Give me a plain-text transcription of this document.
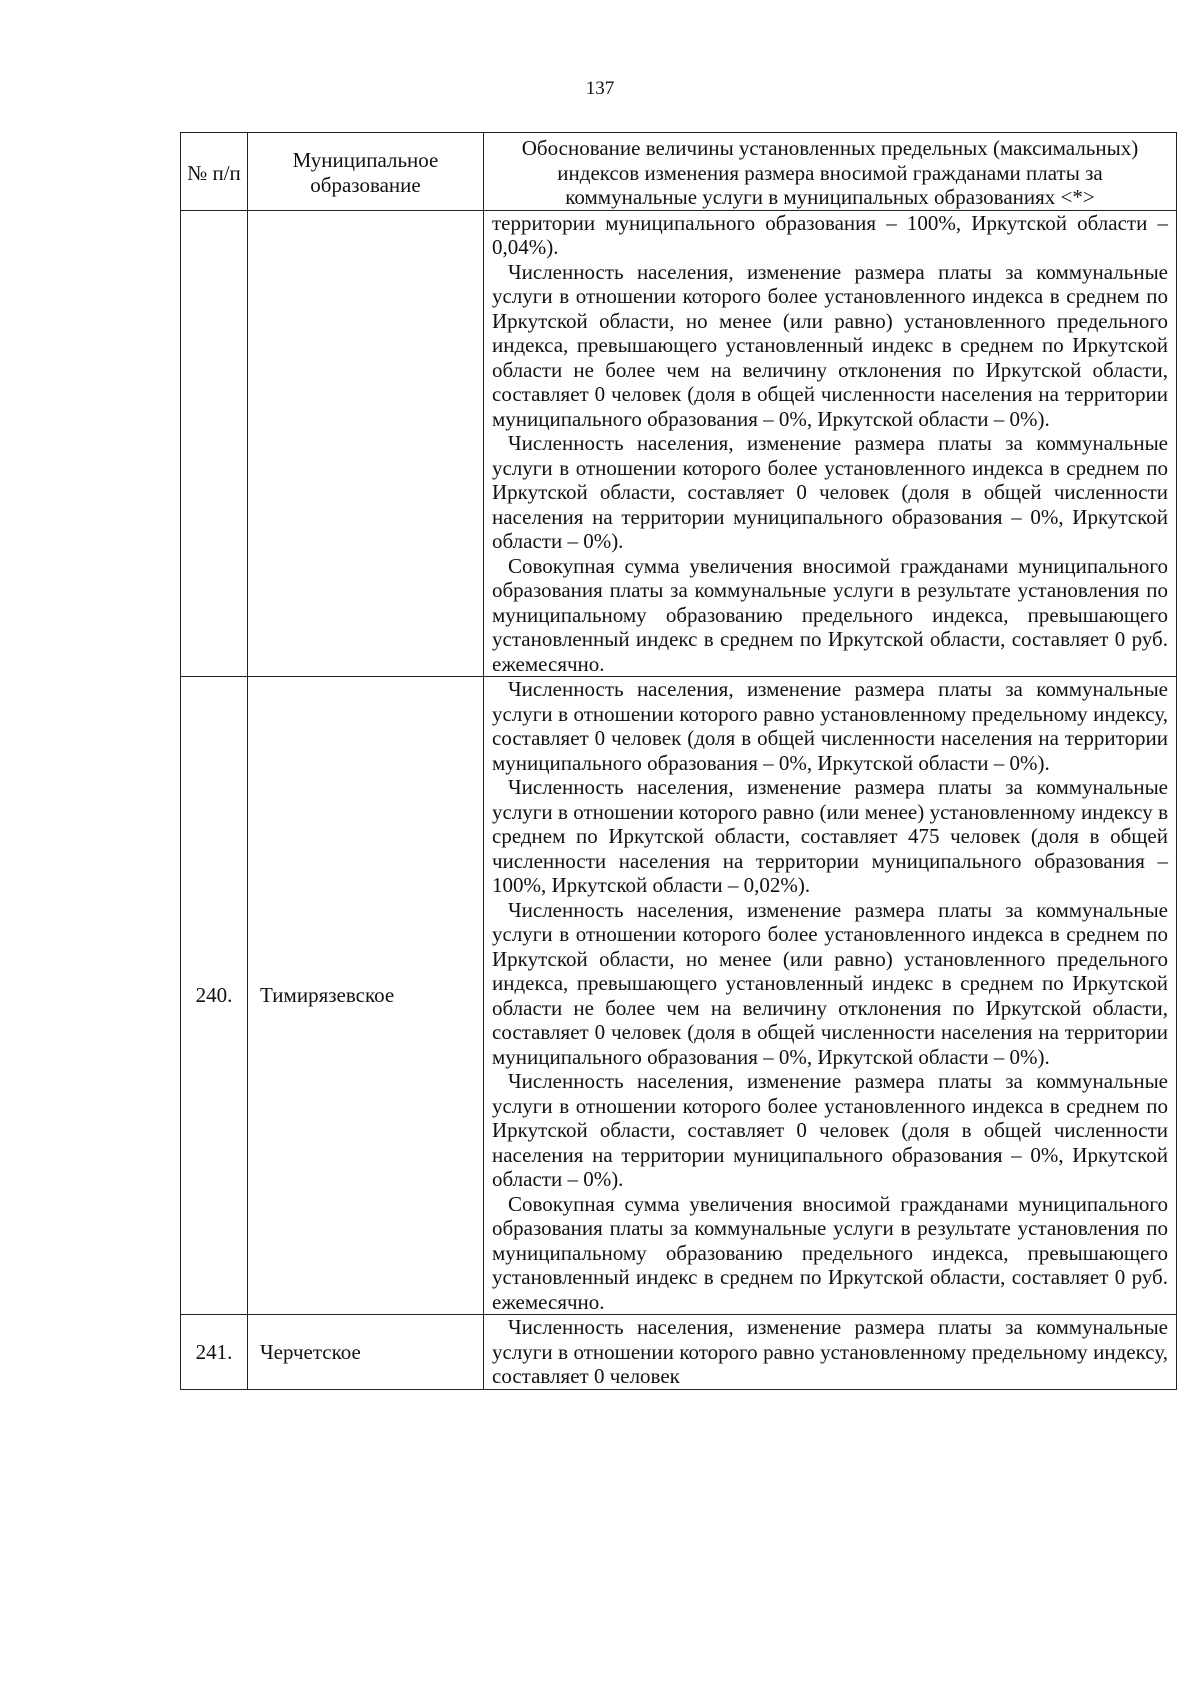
137
№ п/п	Муниципальное образование	Обоснование величины установленных предельных (максимальных) индексов изменения размера вносимой гражданами платы за коммунальные услуги в муниципальных образованиях <*>

		территории муниципального образования – 100%, Иркутской области – 0,04%).

Численность населения, изменение размера платы за коммунальные услуги в отношении которого более установленного индекса в среднем по Иркутской области, но менее (или равно) установленного предельного индекса, превышающего установленный индекс в среднем по Иркутской области не более чем на величину отклонения по Иркутской области, составляет 0 человек (доля в общей численности населения на территории муниципального образования – 0%, Иркутской области – 0%).

Численность населения, изменение размера платы за коммунальные услуги в отношении которого более установленного индекса в среднем по Иркутской области, составляет 0 человек (доля в общей численности населения на территории муниципального образования – 0%, Иркутской области – 0%).

Совокупная сумма увеличения вносимой гражданами муниципального образования платы за коммунальные услуги в результате установления по муниципальному образованию предельного индекса, превышающего установленный индекс в среднем по Иркутской области, составляет 0 руб. ежемесячно.

240.	Тимирязевское	Численность населения, изменение размера платы за коммунальные услуги в отношении которого равно установленному предельному индексу, составляет 0 человек (доля в общей численности населения на территории муниципального образования – 0%, Иркутской области – 0%).

Численность населения, изменение размера платы за коммунальные услуги в отношении которого равно (или менее) установленному индексу в среднем по Иркутской области, составляет 475 человек (доля в общей численности населения на территории муниципального образования – 100%, Иркутской области – 0,02%).

Численность населения, изменение размера платы за коммунальные услуги в отношении которого более установленного индекса в среднем по Иркутской области, но менее (или равно) установленного предельного индекса, превышающего установленный индекс в среднем по Иркутской области не более чем на величину отклонения по Иркутской области, составляет 0 человек (доля в общей численности населения на территории муниципального образования – 0%, Иркутской области – 0%).

Численность населения, изменение размера платы за коммунальные услуги в отношении которого более установленного индекса в среднем по Иркутской области, составляет 0 человек (доля в общей численности населения на территории муниципального образования – 0%, Иркутской области – 0%).

Совокупная сумма увеличения вносимой гражданами муниципального образования платы за коммунальные услуги в результате установления по муниципальному образованию предельного индекса, превышающего установленный индекс в среднем по Иркутской области, составляет 0 руб. ежемесячно.

241.	Черчетское	Численность населения, изменение размера платы за коммунальные услуги в отношении которого равно установленному предельному индексу, составляет 0 человек
